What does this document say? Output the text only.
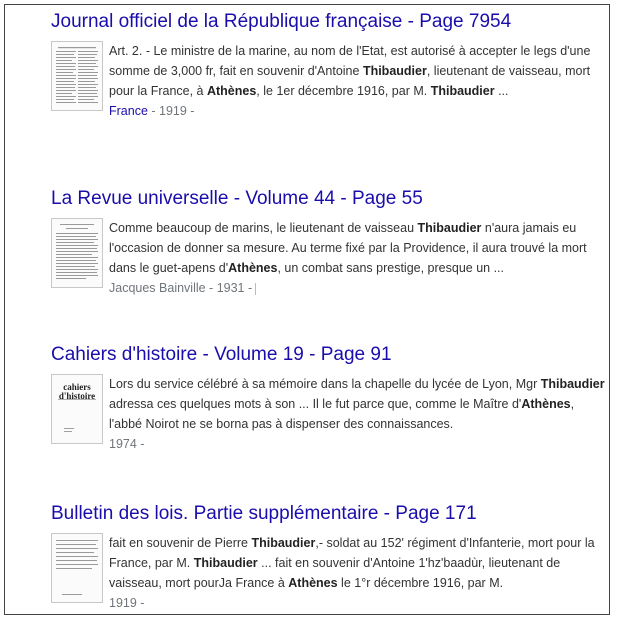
Journal officiel de la République française - Page 7954
Art. 2. - Le ministre de la marine, au nom de l'Etat, est autorisé à accepter le legs d'une somme de 3,000 fr, fait en souvenir d'Antoine Thibaudier, lieutenant de vaisseau, mort pour la France, à Athènes, le 1er décembre 1916, par M. Thibaudier ...
France - 1919 -
La Revue universelle - Volume 44 - Page 55
Comme beaucoup de marins, le lieutenant de vaisseau Thibaudier n'aura jamais eu l'occasion de donner sa mesure. Au terme fixé par la Providence, il aura trouvé la mort dans le guet-apens d'Athènes, un combat sans prestige, presque un ...
Jacques Bainville - 1931 -
Cahiers d'histoire - Volume 19 - Page 91
cahiers d'histoire
Lors du service célébré à sa mémoire dans la chapelle du lycée de Lyon, Mgr Thibaudier adressa ces quelques mots à son ... Il le fut parce que, comme le Maître d'Athènes, l'abbé Noirot ne se borna pas à dispenser des connaissances.
1974 -
Bulletin des lois. Partie supplémentaire - Page 171
fait en souvenir de Pierre Thibaudier,- soldat au 152' régiment d'Infanterie, mort pour la France, par M. Thibaudier ... fait en souvenir d'Antoine 1'hz'baadùr, lieutenant de vaisseau, mort pourJa France à Athènes le 1°r décembre 1916, par M.
1919 -
